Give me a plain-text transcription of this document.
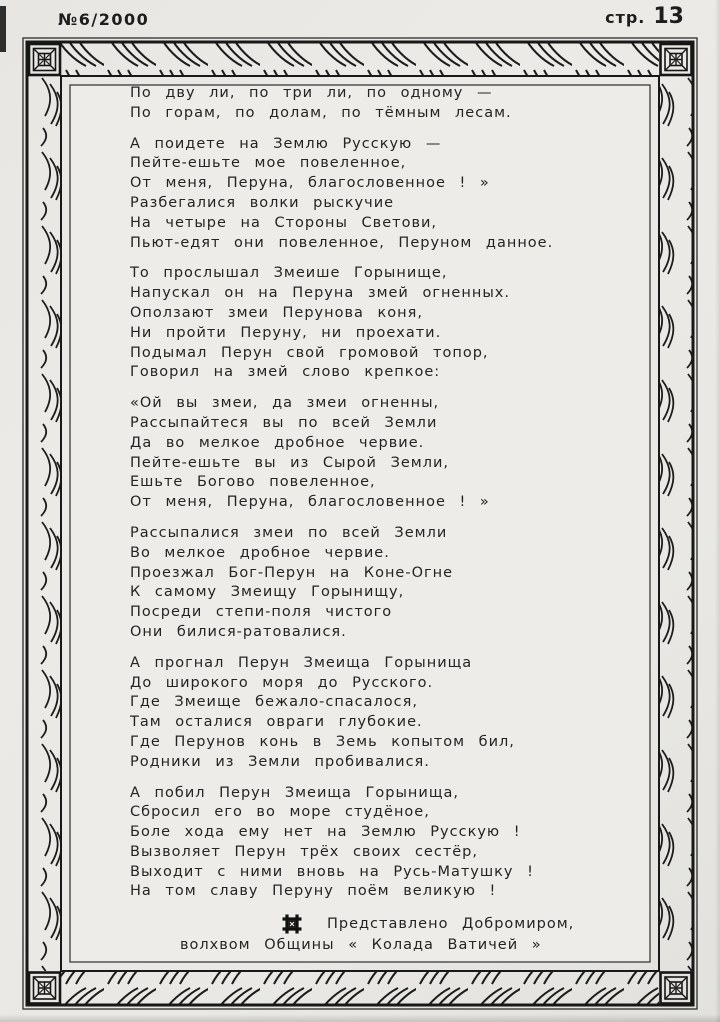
№6/2000	стр. 13
По дву ли, по три ли, по одному —
По горам, по долам, по тёмным лесам.
А поидете на Землю Русскую —
Пейте-ешьте мое повеленное,
От меня, Перуна, благословенное ! »
Разбегалися волки рыскучие
На четыре на Стороны Светови,
Пьют-едят они повеленное, Перуном данное.
То прослышал Змеише Горынище,
Напускал он на Перуна змей огненных.
Оползают змеи Перунова коня,
Ни пройти Перуну, ни проехати.
Подымал Перун свой громовой топор,
Говорил на змей слово крепкое:
«Ой вы змеи, да змеи огненны,
Рассыпайтеся вы по всей Земли
Да во мелкое дробное червие.
Пейте-ешьте вы из Сырой Земли,
Ешьте Богово повеленное,
От меня, Перуна, благословенное ! »
Рассыпалися змеи по всей Земли
Во мелкое дробное червие.
Проезжал Бог-Перун на Коне-Огне
К самому Змеищу Горынищу,
Посреди степи-поля чистого
Они билися-ратовалися.
А прогнал Перун Змеища Горынища
До широкого моря до Русского.
Где Змеище бежало-спасалося,
Там осталися овраги глубокие.
Где Перунов конь в Земь копытом бил,
Родники из Земли пробивалися.
А побил Перун Змеища Горынища,
Сбросил его во море студёное,
Боле хода ему нет на Землю Русскую !
Вызволяет Перун трёх своих сестёр,
Выходит с ними вновь на Русь-Матушку !
На том славу Перуну поём великую !
Представлено Добромиром,
волхвом Общины « Колада Ватичей »
